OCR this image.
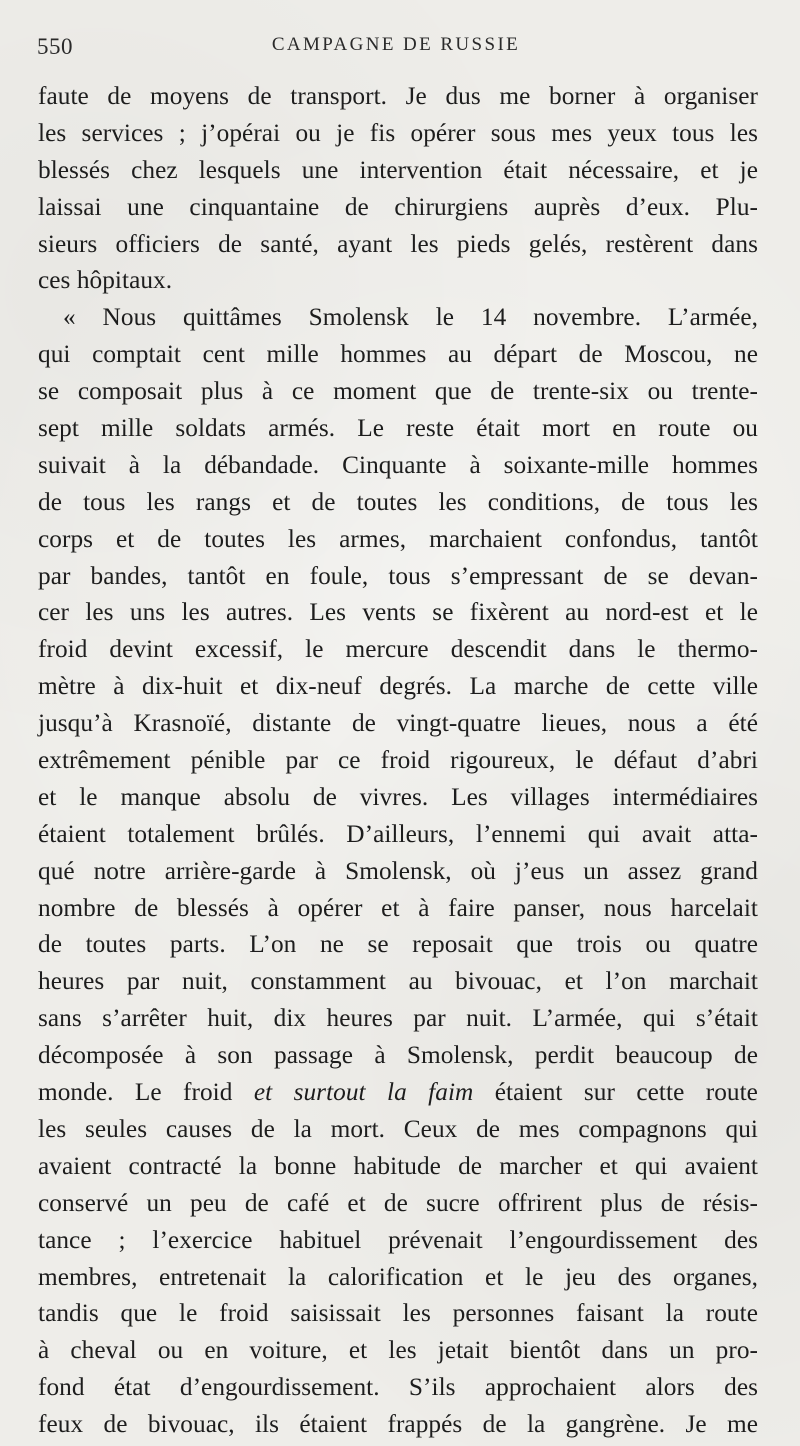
550	CAMPAGNE DE RUSSIE
faute de moyens de transport. Je dus me borner à organiser
les services ; j’opérai ou je fis opérer sous mes yeux tous les
blessés chez lesquels une intervention était nécessaire, et je
laissai une cinquantaine de chirurgiens auprès d’eux. Plu-
sieurs officiers de santé, ayant les pieds gelés, restèrent dans
ces hôpitaux.
« Nous quittâmes Smolensk le 14 novembre. L’armée,
qui comptait cent mille hommes au départ de Moscou, ne
se composait plus à ce moment que de trente-six ou trente-
sept mille soldats armés. Le reste était mort en route ou
suivait à la débandade. Cinquante à soixante-mille hommes
de tous les rangs et de toutes les conditions, de tous les
corps et de toutes les armes, marchaient confondus, tantôt
par bandes, tantôt en foule, tous s’empressant de se devan-
cer les uns les autres. Les vents se fixèrent au nord-est et le
froid devint excessif, le mercure descendit dans le thermo-
mètre à dix-huit et dix-neuf degrés. La marche de cette ville
jusqu’à Krasnoïé, distante de vingt-quatre lieues, nous a été
extrêmement pénible par ce froid rigoureux, le défaut d’abri
et le manque absolu de vivres. Les villages intermédiaires
étaient totalement brûlés. D’ailleurs, l’ennemi qui avait atta-
qué notre arrière-garde à Smolensk, où j’eus un assez grand
nombre de blessés à opérer et à faire panser, nous harcelait
de toutes parts. L’on ne se reposait que trois ou quatre
heures par nuit, constamment au bivouac, et l’on marchait
sans s’arrêter huit, dix heures par nuit. L’armée, qui s’était
décomposée à son passage à Smolensk, perdit beaucoup de
monde. Le froid et surtout la faim étaient sur cette route
les seules causes de la mort. Ceux de mes compagnons qui
avaient contracté la bonne habitude de marcher et qui avaient
conservé un peu de café et de sucre offrirent plus de résis-
tance ; l’exercice habituel prévenait l’engourdissement des
membres, entretenait la calorification et le jeu des organes,
tandis que le froid saisissait les personnes faisant la route
à cheval ou en voiture, et les jetait bientôt dans un pro-
fond état d’engourdissement. S’ils approchaient alors des
feux de bivouac, ils étaient frappés de la gangrène. Je me
